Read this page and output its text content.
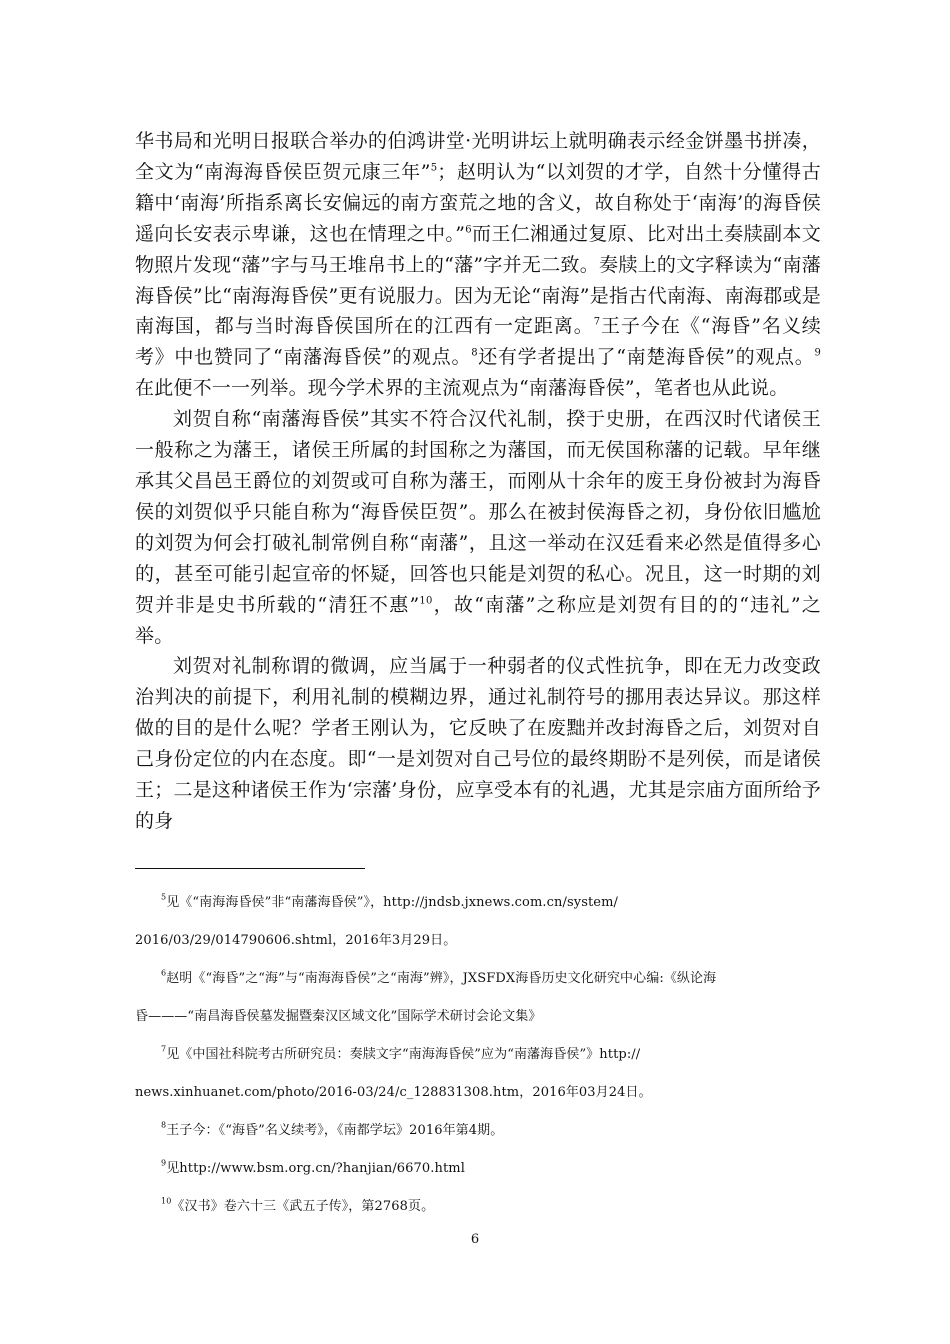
华书局和光明日报联合举办的伯鸿讲堂·光明讲坛上就明确表示经金饼墨书拼凑，全文为“南海海昏侯臣贺元康三年”$^5$；赵明认为“以刘贺的才学，自然十分懂得古籍中‘南海’所指系离长安偏远的南方蛮荒之地的含义，故自称处于‘南海’的海昏侯遥向长安表示卑谦，这也在情理之中。”$^6$而王仁湘通过复原、比对出土奏牍副本文物照片发现“藩”字与马王堆帛书上的“藩”字并无二致。奏牍上的文字释读为“南藩海昏侯”比“南海海昏侯”更有说服力。因为无论“南海”是指古代南海、南海郡或是南海国，都与当时海昏侯国所在的江西有一定距离。$^7$王子今在《“海昏”名义续考》中也赞同了“南藩海昏侯”的观点。$^8$还有学者提出了“南楚海昏侯”的观点。$^9$在此便不一一列举。现今学术界的主流观点为“南藩海昏侯”，笔者也从此说。

刘贺自称“南藩海昏侯”其实不符合汉代礼制，揆于史册，在西汉时代诸侯王一般称之为藩王，诸侯王所属的封国称之为藩国，而无侯国称藩的记载。早年继承其父昌邑王爵位的刘贺或可自称为藩王，而刚从十余年的废王身份被封为海昏侯的刘贺似乎只能自称为“海昏侯臣贺”。那么在被封侯海昏之初，身份依旧尴尬的刘贺为何会打破礼制常例自称“南藩”，且这一举动在汉廷看来必然是值得多心的，甚至可能引起宣帝的怀疑，回答也只能是刘贺的私心。况且，这一时期的刘贺并非是史书所载的“清狂不惠”$^{10}$，故“南藩”之称应是刘贺有目的的“违礼”之举。

刘贺对礼制称谓的微调，应当属于一种弱者的仪式性抗争，即在无力改变政治判决的前提下，利用礼制的模糊边界，通过礼制符号的挪用表达异议。那这样做的目的是什么呢？学者王刚认为，它反映了在废黜并改封海昏之后，刘贺对自己身份定位的内在态度。即“一是刘贺对自己号位的最终期盼不是列侯，而是诸侯王；二是这种诸侯王作为‘宗藩’身份，应享受本有的礼遇，尤其是宗庙方面所给予的身

$^5$见《“南海海昏侯”非“南藩海昏侯”》，http://jndsb.jxnews.com.cn/system/

2016/03/29/014790606.shtml，2016年3月29日。

$^6$赵明《“海昏”之“海”与“南海海昏侯”之“南海”辨》，JXSFDX海昏历史文化研究中心编:《纵论海

昏———“南昌海昏侯墓发掘暨秦汉区域文化”国际学术研讨会论文集》

$^7$见《中国社科院考古所研究员：奏牍文字“南海海昏侯”应为“南藩海昏侯”》http://

news.xinhuanet.com/photo/2016-03/24/c_128831308.htm，2016年03月24日。

$^8$王子今：《“海昏”名义续考》，《南都学坛》2016年第4期。

$^9$见http://www.bsm.org.cn/?hanjian/6670.html

$^{10}$《汉书》卷六十三《武五子传》，第2768页。

6
